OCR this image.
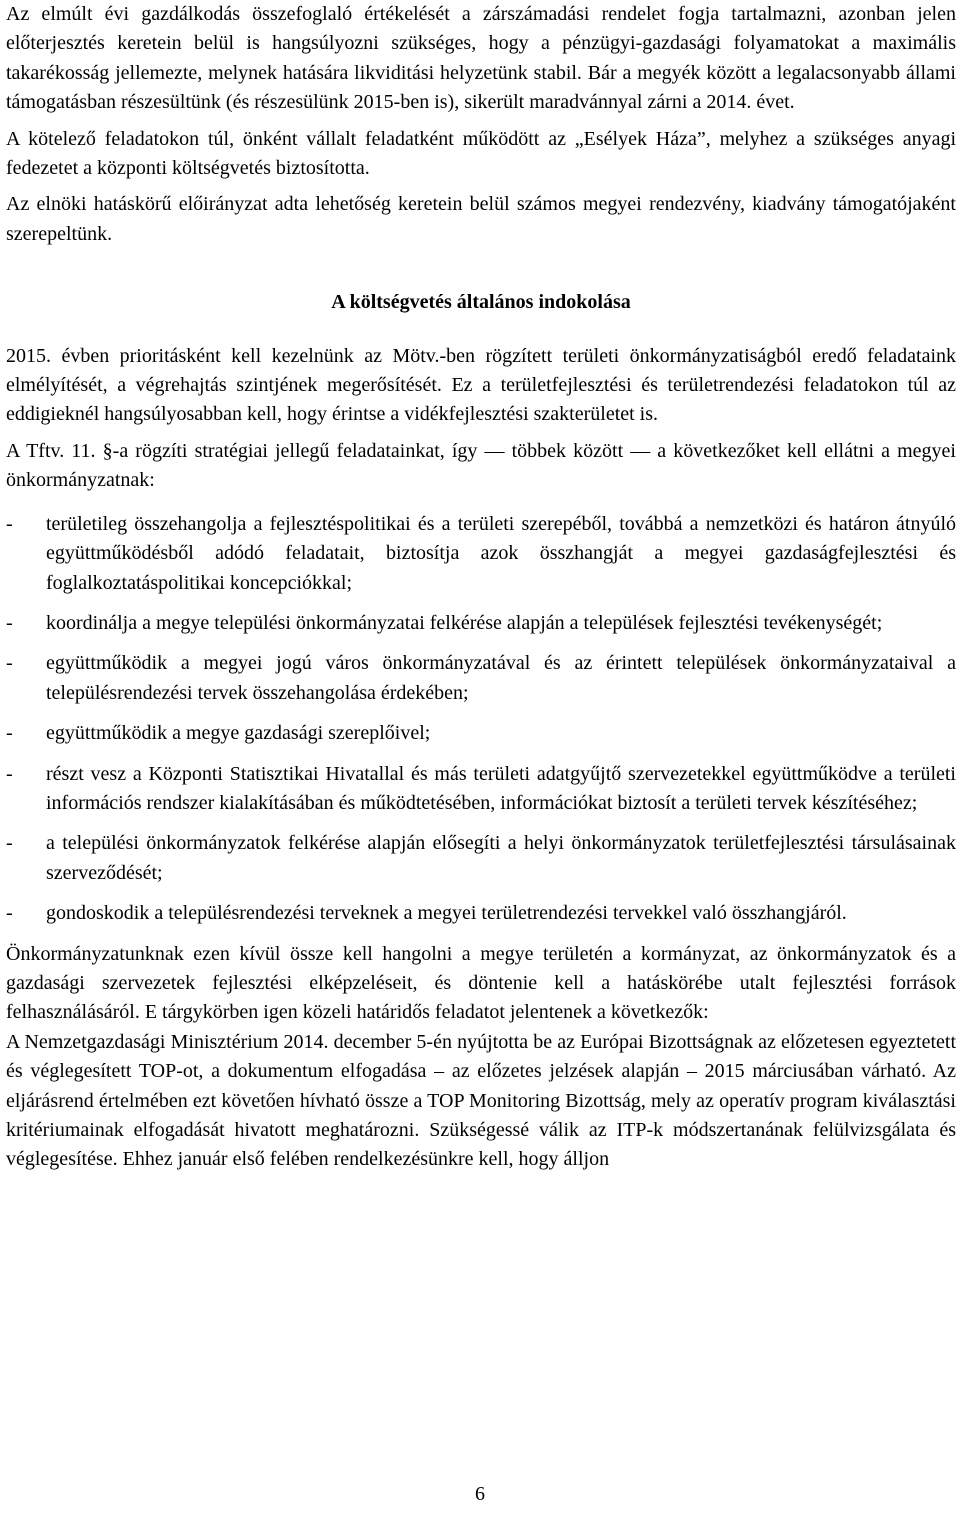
Az elmúlt évi gazdálkodás összefoglaló értékelését a zárszámadási rendelet fogja tartalmazni, azonban jelen előterjesztés keretein belül is hangsúlyozni szükséges, hogy a pénzügyi-gazdasági folyamatokat a maximális takarékosság jellemezte, melynek hatására likviditási helyzetünk stabil. Bár a megyék között a legalacsonyabb állami támogatásban részesültünk (és részesülünk 2015-ben is), sikerült maradvánnyal zárni a 2014. évet.

A kötelező feladatokon túl, önként vállalt feladatként működött az „Esélyek Háza”, melyhez a szükséges anyagi fedezetet a központi költségvetés biztosította.

Az elnöki hatáskörű előirányzat adta lehetőség keretein belül számos megyei rendezvény, kiadvány támogatójaként szerepeltünk.

A költségvetés általános indokolása

2015. évben prioritásként kell kezelnünk az Mötv.-ben rögzített területi önkormányzatiságból eredő feladataink elmélyítését, a végrehajtás szintjének megerősítését. Ez a területfejlesztési és területrendezési feladatokon túl az eddigieknél hangsúlyosabban kell, hogy érintse a vidékfejlesztési szakterületet is.

A Tftv. 11. §-a rögzíti stratégiai jellegű feladatainkat, így — többek között — a következőket kell ellátni a megyei önkormányzatnak:

-	területileg összehangolja a fejlesztéspolitikai és a területi szerepéből, továbbá a nemzetközi és határon átnyúló együttműködésből adódó feladatait, biztosítja azok összhangját a megyei gazdaságfejlesztési és foglalkoztatáspolitikai koncepciókkal;
-	koordinálja a megye települési önkormányzatai felkérése alapján a települések fejlesztési tevékenységét;
-	együttműködik a megyei jogú város önkormányzatával és az érintett települések önkormányzataival a településrendezési tervek összehangolása érdekében;
-	együttműködik a megye gazdasági szereplőivel;
-	részt vesz a Központi Statisztikai Hivatallal és más területi adatgyűjtő szervezetekkel együttműködve a területi információs rendszer kialakításában és működtetésében, információkat biztosít a területi tervek készítéséhez;
-	a települési önkormányzatok felkérése alapján elősegíti a helyi önkormányzatok területfejlesztési társulásainak szerveződését;
-	gondoskodik a településrendezési terveknek a megyei területrendezési tervekkel való összhangjáról.

Önkormányzatunknak ezen kívül össze kell hangolni a megye területén a kormányzat, az önkormányzatok és a gazdasági szervezetek fejlesztési elképzeléseit, és döntenie kell a hatáskörébe utalt fejlesztési források felhasználásáról. E tárgykörben igen közeli határidős feladatot jelentenek a következők:

A Nemzetgazdasági Minisztérium 2014. december 5-én nyújtotta be az Európai Bizottságnak az előzetesen egyeztetett és véglegesített TOP-ot, a dokumentum elfogadása – az előzetes jelzések alapján – 2015 márciusában várható. Az eljárásrend értelmében ezt követően hívható össze a TOP Monitoring Bizottság, mely az operatív program kiválasztási kritériumainak elfogadását hivatott meghatározni. Szükségessé válik az ITP-k módszertanának felülvizsgálata és véglegesítése. Ehhez január első felében rendelkezésünkre kell, hogy álljon

6
